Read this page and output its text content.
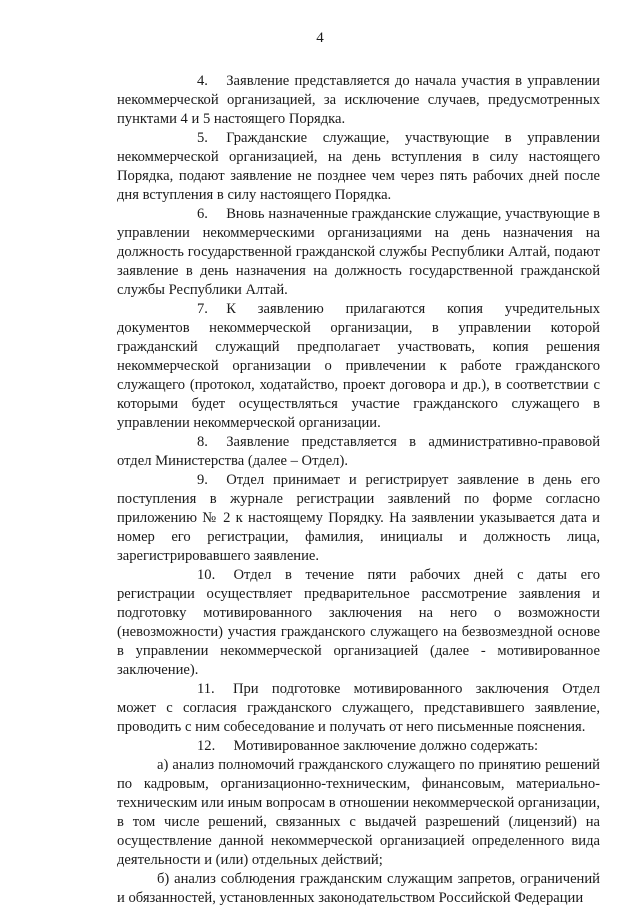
4

4. Заявление представляется до начала участия в управлении некоммерческой организацией, за исключение случаев, предусмотренных пунктами 4 и 5 настоящего Порядка.

5. Гражданские служащие, участвующие в управлении некоммерческой организацией, на день вступления в силу настоящего Порядка, подают заявление не позднее чем через пять рабочих дней после дня вступления в силу настоящего Порядка.

6. Вновь назначенные гражданские служащие, участвующие в управлении некоммерческими организациями на день назначения на должность государственной гражданской службы Республики Алтай, подают заявление в день назначения на должность государственной гражданской службы Республики Алтай.

7. К заявлению прилагаются копия учредительных документов некоммерческой организации, в управлении которой гражданский служащий предполагает участвовать, копия решения некоммерческой организации о привлечении к работе гражданского служащего (протокол, ходатайство, проект договора и др.), в соответствии с которыми будет осуществляться участие гражданского служащего в управлении некоммерческой организации.

8. Заявление представляется в административно-правовой отдел Министерства (далее – Отдел).

9. Отдел принимает и регистрирует заявление в день его поступления в журнале регистрации заявлений по форме согласно приложению № 2 к настоящему Порядку. На заявлении указывается дата и номер его регистрации, фамилия, инициалы и должность лица, зарегистрировавшего заявление.

10. Отдел в течение пяти рабочих дней с даты его регистрации осуществляет предварительное рассмотрение заявления и подготовку мотивированного заключения на него о возможности (невозможности) участия гражданского служащего на безвозмездной основе в управлении некоммерческой организацией (далее - мотивированное заключение).

11. При подготовке мотивированного заключения Отдел может с согласия гражданского служащего, представившего заявление, проводить с ним собеседование и получать от него письменные пояснения.

12. Мотивированное заключение должно содержать:

а) анализ полномочий гражданского служащего по принятию решений по кадровым, организационно-техническим, финансовым, материально-техническим или иным вопросам в отношении некоммерческой организации, в том числе решений, связанных с выдачей разрешений (лицензий) на осуществление данной некоммерческой организацией определенного вида деятельности и (или) отдельных действий;

б) анализ соблюдения гражданским служащим запретов, ограничений и обязанностей, установленных законодательством Российской Федерации
